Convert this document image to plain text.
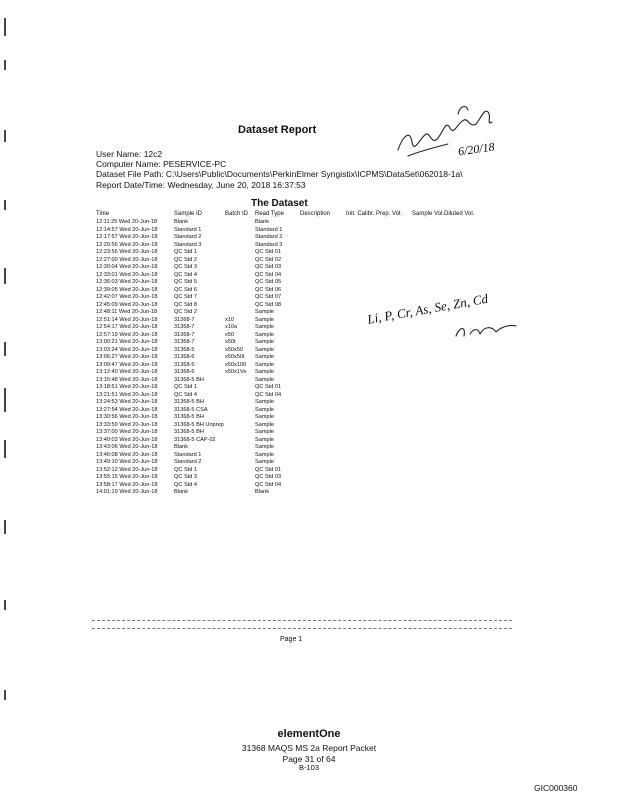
Dataset Report
6/20/18
User Name: 12c2
Computer Name: PESERVICE-PC
Dataset File Path: C:\Users\Public\Documents\PerkinElmer Syngistix\ICPMS\DataSet\062018-1a\
Report Date/Time: Wednesday, June 20, 2018 16:37:53
The Dataset
Time	Sample ID	Batch ID Read Type	Description	Init. Calibr. Prep. Vol. Sample Vol. Diluted Vol.
12:11:25 Wed 20-Jun-18	Blank	Blank
12:14:57 Wed 20-Jun-18	Standard 1	Standard 1
12:17:57 Wed 20-Jun-18	Standard 2	Standard 2
12:20:56 Wed 20-Jun-18	Standard 3	Standard 3
12:23:56 Wed 20-Jun-18	QC Std 1	QC Std 01
12:27:00 Wed 20-Jun-18	QC Std 2	QC Std 02
12:30:04 Wed 20-Jun-18	QC Std 3	QC Std 03
12:33:01 Wed 20-Jun-18	QC Std 4	QC Std 04
12:36:03 Wed 20-Jun-18	QC Std 5	QC Std 05
12:39:05 Wed 20-Jun-18	QC Std 6	QC Std 06
12:42:07 Wed 20-Jun-18	QC Std 7	QC Std 07
12:45:09 Wed 20-Jun-18	QC Std 8	QC Std 08
12:48:11 Wed 20-Jun-18	QC Std 2	Sample
12:51:14 Wed 20-Jun-18	31368-7	x10	Sample
12:54:17 Wed 20-Jun-18	31368-7	x10a	Sample
12:57:19 Wed 20-Jun-18	31368-7	x50	Sample
13:00:21 Wed 20-Jun-18	31368-7	x50t	Sample
13:03:24 Wed 20-Jun-18	31368-5	x50x50 Sample
13:06:27 Wed 20-Jun-18	31368-6	x50x50t Sample
13:09:47 Wed 20-Jun-18	31368-5	x50x100 Sample
13:12:40 Wed 20-Jun-18	31368-6	x50x1Ve Sample
13:15:48 Wed 20-Jun-18	31368-5 BH	Sample
13:18:51 Wed 20-Jun-18	QC Std 1	QC Std 01
13:21:51 Wed 20-Jun-18	QC Std 4	QC Std 04
13:24:53 Wed 20-Jun-18	31368-5 BH	Sample
13:27:54 Wed 20-Jun-18	31368-5 CSA	Sample
13:30:56 Wed 20-Jun-18	31368-5 BH	Sample
13:33:59 Wed 20-Jun-18	31368-5 BH Unprep	Sample
13:37:00 Wed 20-Jun-18	31368-5 BH	Sample
13:40:03 Wed 20-Jun-18	31368-5 CAP-02	Sample
13:43:06 Wed 20-Jun-18	Blank	Sample
13:46:08 Wed 20-Jun-18	Standard 1	Sample
13:49:10 Wed 20-Jun-18	Standard 2	Sample
13:52:12 Wed 20-Jun-18	QC Std 1	QC Std 01
13:55:15 Wed 20-Jun-18	QC Std 3	QC Std 03
13:58:17 Wed 20-Jun-18	QC Std 4	QC Std 04
14:01:19 Wed 20-Jun-18	Blank	Blank
Li, P, Cr, As, Se, Zn, Cd
Page 1
elementOne
31368 MAQS MS 2a Report Packet
Page 31 of 64
B-103
GIC000360
